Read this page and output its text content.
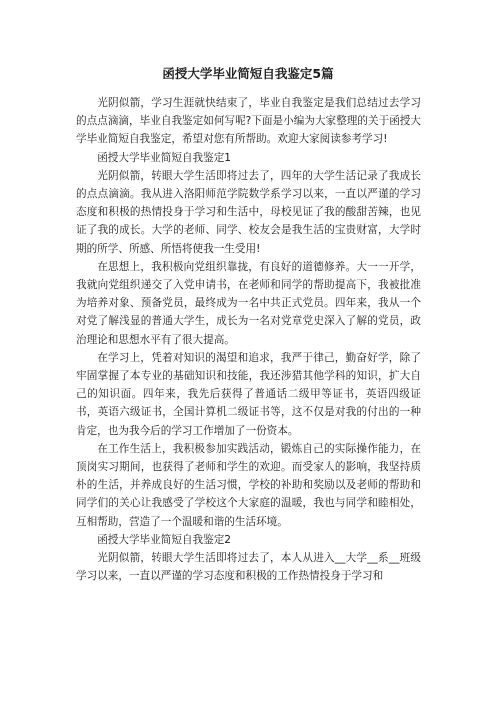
函授大学毕业简短自我鉴定5篇

光阴似箭，学习生涯就快结束了，毕业自我鉴定是我们总结过去学习的点点滴滴，毕业自我鉴定如何写呢?下面是小编为大家整理的关于函授大学毕业简短自我鉴定，希望对您有所帮助。欢迎大家阅读参考学习!

函授大学毕业简短自我鉴定1

光阴似箭，转眼大学生活即将过去了，四年的大学生活记录了我成长的点点滴滴。我从进入洛阳师范学院数学系学习以来，一直以严谨的学习态度和积极的热情投身于学习和生活中，母校见证了我的酸甜苦辣，也见证了我的成长。大学的老师、同学、校友会是我生活的宝贵财富，大学时期的所学、所感、所悟将使我一生受用!

在思想上，我积极向党组织靠拢，有良好的道德修养。大一一开学，我就向党组织递交了入党申请书，在老师和同学的帮助提高下，我被批准为培养对象、预备党员，最终成为一名中共正式党员。四年来，我从一个对党了解浅显的普通大学生，成长为一名对党章党史深入了解的党员，政治理论和思想水平有了很大提高。

在学习上，凭着对知识的渴望和追求，我严于律己，勤奋好学，除了牢固掌握了本专业的基础知识和技能，我还涉猎其他学科的知识，扩大自己的知识面。四年来，我先后获得了普通话二级甲等证书，英语四级证书，英语六级证书，全国计算机二级证书等，这不仅是对我的付出的一种肯定，也为我今后的学习工作增加了一份资本。

在工作生活上，我积极参加实践活动，锻炼自己的实际操作能力，在顶岗实习期间，也获得了老师和学生的欢迎。而受家人的影响，我坚持质朴的生活，并养成良好的生活习惯，学校的补助和奖励以及老师的帮助和同学们的关心让我感受了学校这个大家庭的温暖，我也与同学和睦相处，互相帮助，营造了一个温暖和谐的生活环境。

函授大学毕业简短自我鉴定2

光阴似箭，转眼大学生活即将过去了，本人从进入__大学__系__班级学习以来，一直以严谨的学习态度和积极的工作热情投身于学习和
